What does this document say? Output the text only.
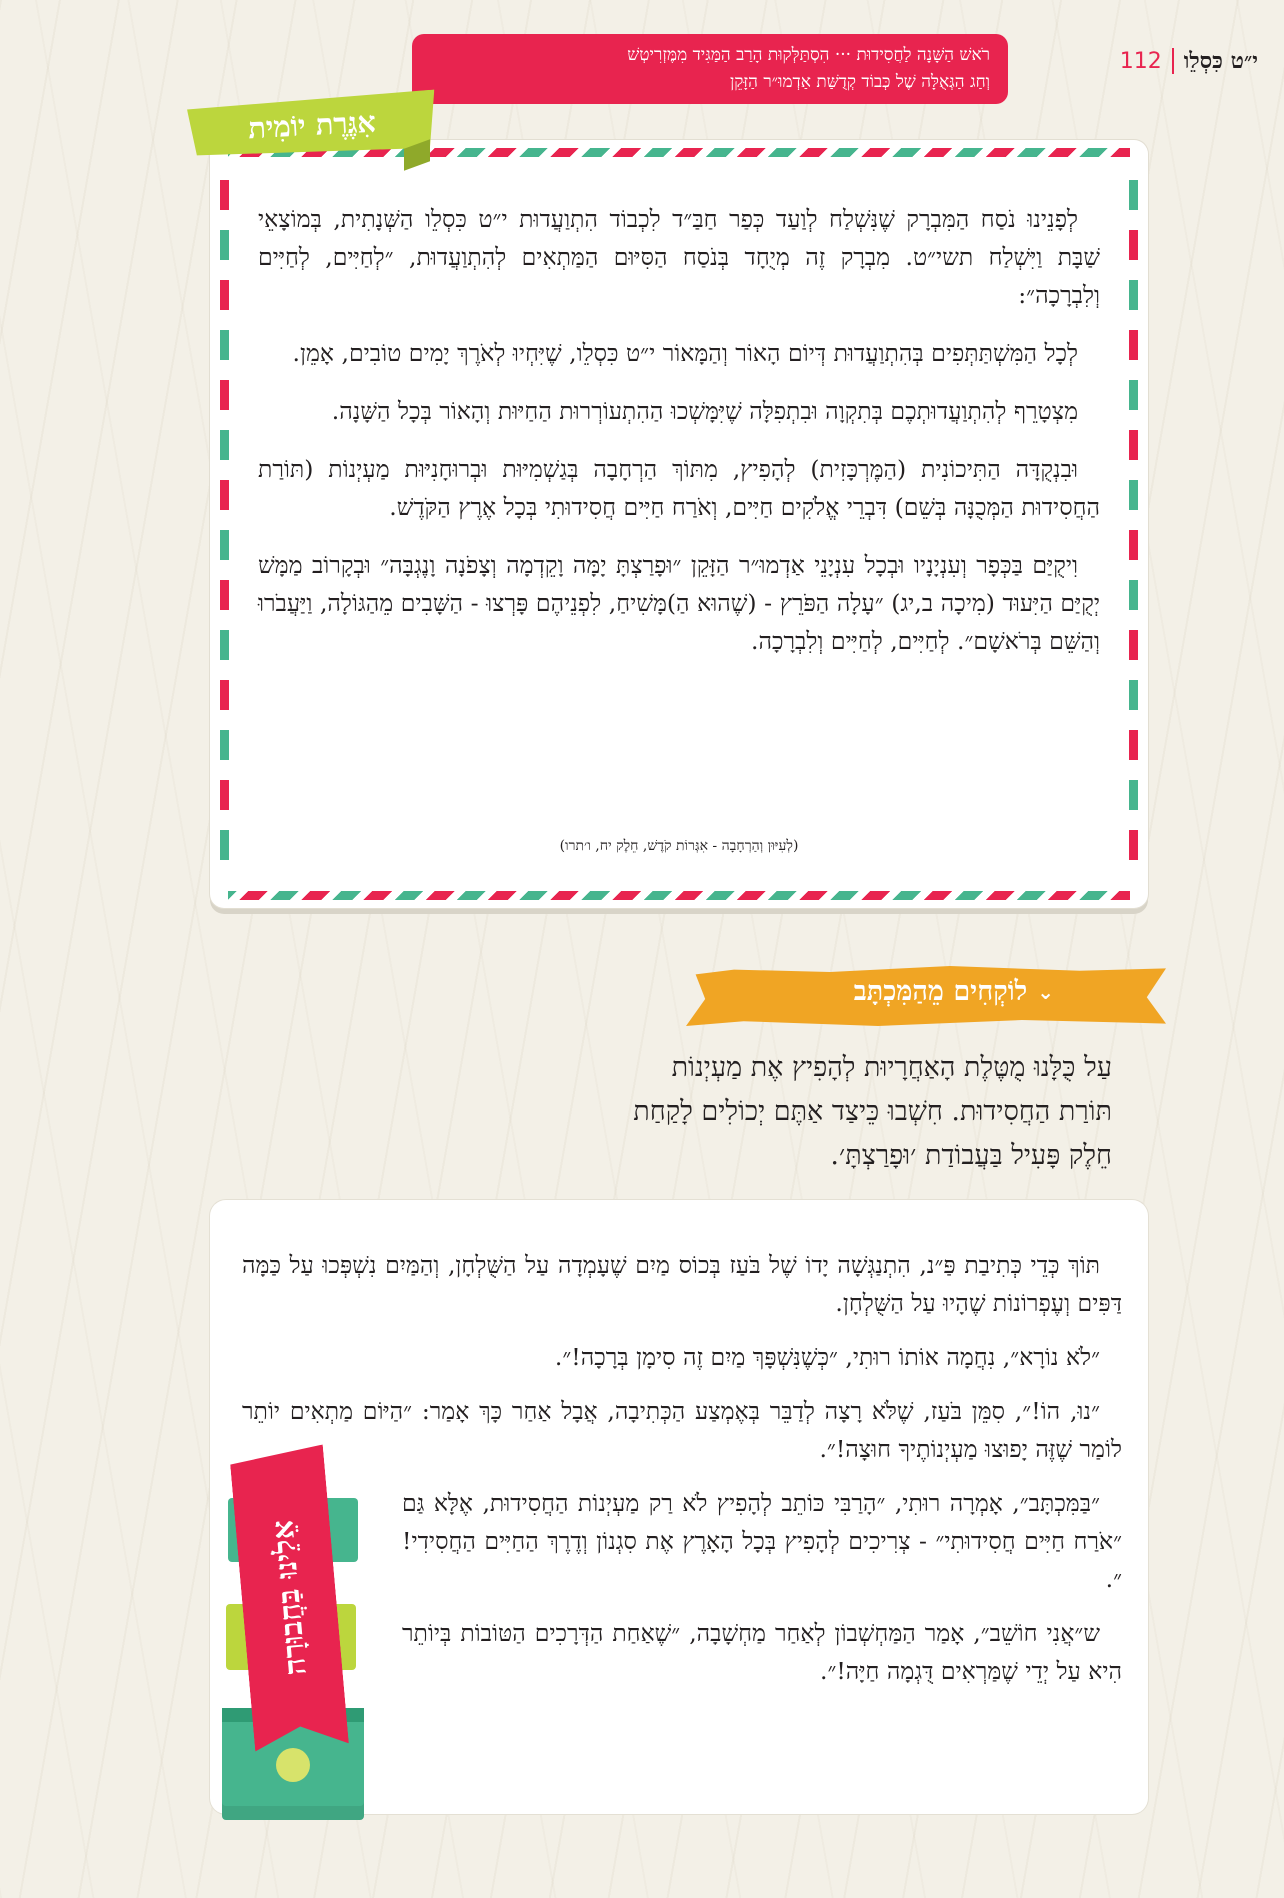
רֹאשׁ הַשָּׁנָה לַחֲסִידוּת ··· הִסְתַּלְּקוּת הָרַב הַמַּגִּיד מִמֶּזְרִיטְשׁ
וְחַג הַגְּאֻלָּה שֶׁל כְּבוֹד קְדֻשַּׁת אַדְמוּ״ר הַזָּקֵן
י״ט כִּסְלֵו
112

לְפָנֵינוּ נֹסַח הַמִּבְרָק שֶׁנִּשְׁלַח לְוַעַד כְּפַר חַבַּ״ד לִכְבוֹד הִתְוַעֲדוּת י״ט כִּסְלֵו הַשְּׁנָתִית, בְּמוֹצָאֵי שַׁבָּת וַיִּשְׁלַח תשי״ט. מִבְרָק זֶה מְיֻחָד בְּנֹסַח הַסִּיּוּם הַמַּתְאִים לְהִתְוַעֲדוּת, ״לְחַיִּים, לְחַיִּים וְלִבְרָכָה״:

לְכָל הַמִּשְׁתַּתְּפִים בְּהִתְוַעֲדוּת דְּיוֹם הָאוֹר וְהַמָּאוֹר י״ט כִּסְלֵו, שֶׁיִּחְיוּ לְאֹרֶךְ יָמִים טוֹבִים, אָמֵן.

מִצְטָרֵף לְהִתְוַעֲדוּתְכֶם בְּתִקְוָה וּבִתְפִלָּה שֶׁיִּמָּשְׁכוּ הַהִתְעוֹרְרוּת הַחַיּוּת וְהָאוֹר בְּכָל הַשָּׁנָה.

וּבִנְקֻדָּה הַתִּיכוֹנִית (הַמֶּרְכָּזִית) לְהָפִיץ, מִתּוֹךְ הַרְחָבָה בְּגַשְׁמִיּוּת וּבְרוּחָנִיּוּת מַעְיְנוֹת (תּוֹרַת הַחֲסִידוּת הַמְּכֻנָּה בְּשֵׁם) דִּבְרֵי אֱלֹקִים חַיִּים, וְאֹרַח חַיִּים חֲסִידוּתִי בְּכָל אֶרֶץ הַקֹּדֶשׁ.

וִיקֻיַּם בַּכְּפָר וְעִנְיָנָיו וּבְכָל עִנְיָנֵי אַדְמוּ״ר הַזָּקֵן ״וּפָרַצְתָּ יָמָּה וָקֵדְמָה וְצָפֹנָה וָנֶגְבָּה״ וּבְקָרוֹב מַמָּשׁ יְקֻיַּם הַיִּעוּד (מִיכָה ב,יג) ״עָלָה הַפֹּרֵץ - (שֶׁהוּא הַ)מָּשִׁיחַ, לִפְנֵיהֶם פָּרְצוּ - הַשָּׁבִים מֵהַגּוֹלָה, וַיַּעֲבֹרוּ וְהַשֵּׁם בְּרֹאשָׁם״. לְחַיִּים, לְחַיִּים וְלִבְרָכָה.

(לְעִיּוּן וְהַרְחָבָה - אִגְּרוֹת קֹדֶשׁ, חֵלֶק יח, ו׳תרו)
אִגֶּרֶת יוֹמִית
⌄
לוֹקְחִים מֵהַמִּכְתָּב
עַל כֻּלָּנוּ מֻטֶּלֶת הָאַחֲרָיוּת לְהָפִיץ אֶת מַעְיְנוֹת
תּוֹרַת הַחֲסִידוּת. חִשְׁבוּ כֵּיצַד אַתֶּם יְכוֹלִים לָקַחַת
חֵלֶק פָּעִיל בַּעֲבוֹדַת ׳וּפָרַצְתָּ׳.

תּוֹךְ כְּדֵי כְּתִיבַת פַּ״נ, הִתְנַגְּשָׁה יָדוֹ שֶׁל בֹּעַז בְּכוֹס מַיִם שֶׁעָמְדָה עַל הַשֻּׁלְחָן, וְהַמַּיִם נִשְׁפְּכוּ עַל כַּמָּה דַּפִּים וְעֶפְרוֹנוֹת שֶׁהָיוּ עַל הַשֻּׁלְחָן.

״לֹא נוֹרָא״, נִחֲמָה אוֹתוֹ רוּתִי, ״כְּשֶׁנִּשְׁפָּךְ מַיִם זֶה סִימָן בְּרָכָה!״.

״נוּ, הוֹ!״, סִמֵּן בֹּעַז, שֶׁלֹּא רָצָה לְדַבֵּר בְּאֶמְצַע הַכְּתִיבָה, אֲבָל אַחַר כָּךְ אָמַר: ״הַיּוֹם מַתְאִים יוֹתֵר לוֹמַר שֶׁזֶּה יָפוּצוּ מַעְיְנוֹתֶיךָ חוּצָה!״.

״בַּמִּכְתָּב״, אָמְרָה רוּתִי, ״הָרַבִּי כּוֹתֵב לְהָפִיץ לֹא רַק מַעְיְנוֹת הַחֲסִידוּת, אֶלָּא גַּם ״אֹרַח חַיִּים חֲסִידוּתִי״ - צְרִיכִים לְהָפִיץ בְּכָל הָאָרֶץ אֶת סִגְנוֹן וְדֶרֶךְ הַחַיִּים הַחֲסִידִי!״.

ש״אֲנִי חוֹשֵׁב״, אָמַר הַמַּחְשְׁבוֹן לְאַחַר מַחְשָׁבָה, ״שֶׁאַחַת הַדְּרָכִים הַטּוֹבוֹת בְּיוֹתֵר הִיא עַל יְדֵי שֶׁמַּרְאִים דֻּגְמָה חַיָּה!״.

אֵלֵינוּ בַּחֲבוּרָה
